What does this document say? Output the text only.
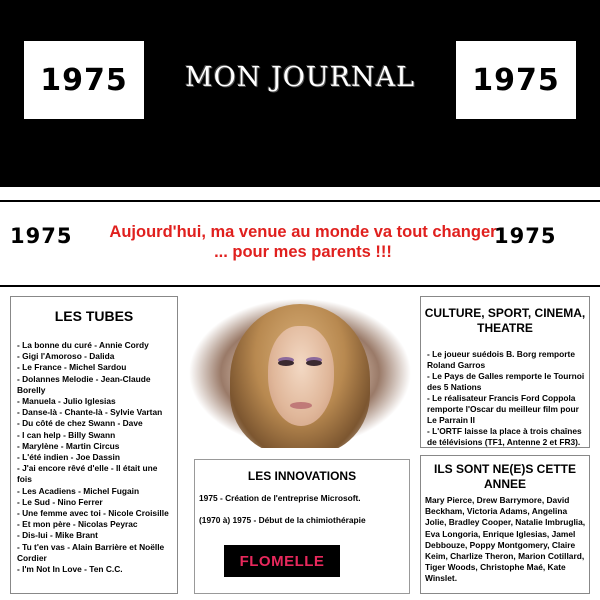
1975	MON JOURNAL	1975
1975 Aujourd'hui, ma venue au monde va tout changer ... pour mes parents !!!
1975
LES TUBES
- La bonne du curé - Annie Cordy
- Gigi l'Amoroso - Dalida
- Le France - Michel Sardou
- Dolannes Melodie - Jean-Claude Borelly
- Manuela - Julio Iglesias
- Danse-là - Chante-là - Sylvie Vartan
- Du côté de chez Swann - Dave
- I can help - Billy Swann
- Marylène - Martin Circus
- L'été indien - Joe Dassin
- J'ai encore rêvé d'elle - Il était une fois
- Les Acadiens - Michel Fugain
- Le Sud - Nino Ferrer
- Une femme avec toi - Nicole Croisille
- Et mon père - Nicolas Peyrac
- Dis-lui - Mike Brant
- Tu t'en vas - Alain Barrière et Noëlle Cordier
- I'm Not In Love - Ten C.C.
LES INNOVATIONS
1975 - Création de l'entreprise Microsoft.
(1970 à) 1975 - Début de la chimiothérapie
FLOMELLE
CULTURE, SPORT, CINEMA, THEATRE
- Le joueur suédois B. Borg remporte Roland Garros
- Le Pays de Galles remporte le Tournoi des 5 Nations
- Le réalisateur Francis Ford Coppola remporte l'Oscar du meilleur film pour Le Parrain II
- L'ORTF laisse la place à trois chaînes de télévisions (TF1, Antenne 2 et FR3).
ILS SONT NE(E)S CETTE ANNEE
Mary Pierce, Drew Barrymore, David Beckham, Victoria Adams, Angelina Jolie, Bradley Cooper, Natalie Imbruglia, Eva Longoria, Enrique Iglesias, Jamel Debbouze, Poppy Montgomery, Claire Keim, Charlize Theron, Marion Cotillard, Tiger Woods, Christophe Maé, Kate Winslet.
